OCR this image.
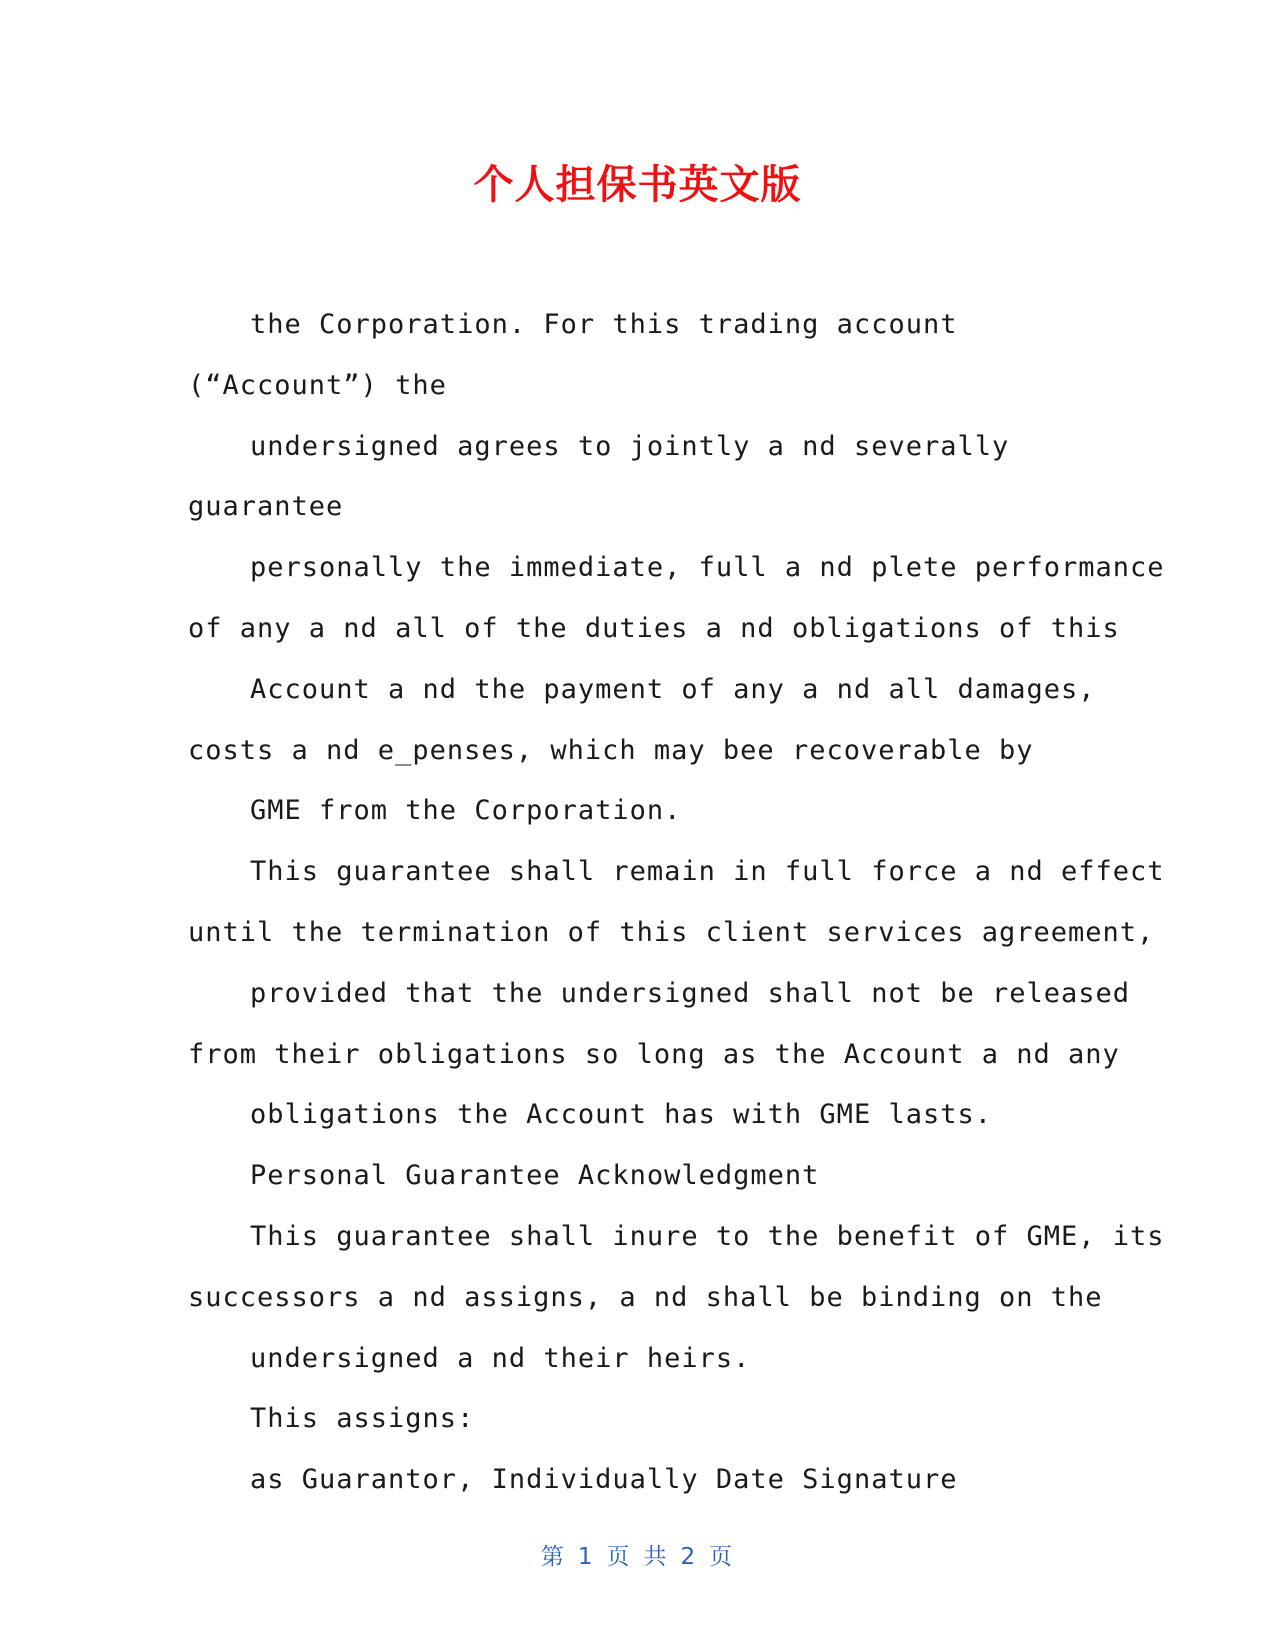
个人担保书英文版
the Corporation. For this trading account
(“Account”) the
undersigned agrees to jointly a nd severally
guarantee
personally the immediate, full a nd plete performance
of any a nd all of the duties a nd obligations of this
Account a nd the payment of any a nd all damages,
costs a nd e_penses, which may bee recoverable by
GME from the Corporation.
This guarantee shall remain in full force a nd effect
until the termination of this client services agreement,
provided that the undersigned shall not be released
from their obligations so long as the Account a nd any
obligations the Account has with GME lasts.
Personal Guarantee Acknowledgment
This guarantee shall inure to the benefit of GME, its
successors a nd assigns, a nd shall be binding on the
undersigned a nd their heirs.
This assigns:
as Guarantor, Individually Date Signature
第 1 页 共 2 页
